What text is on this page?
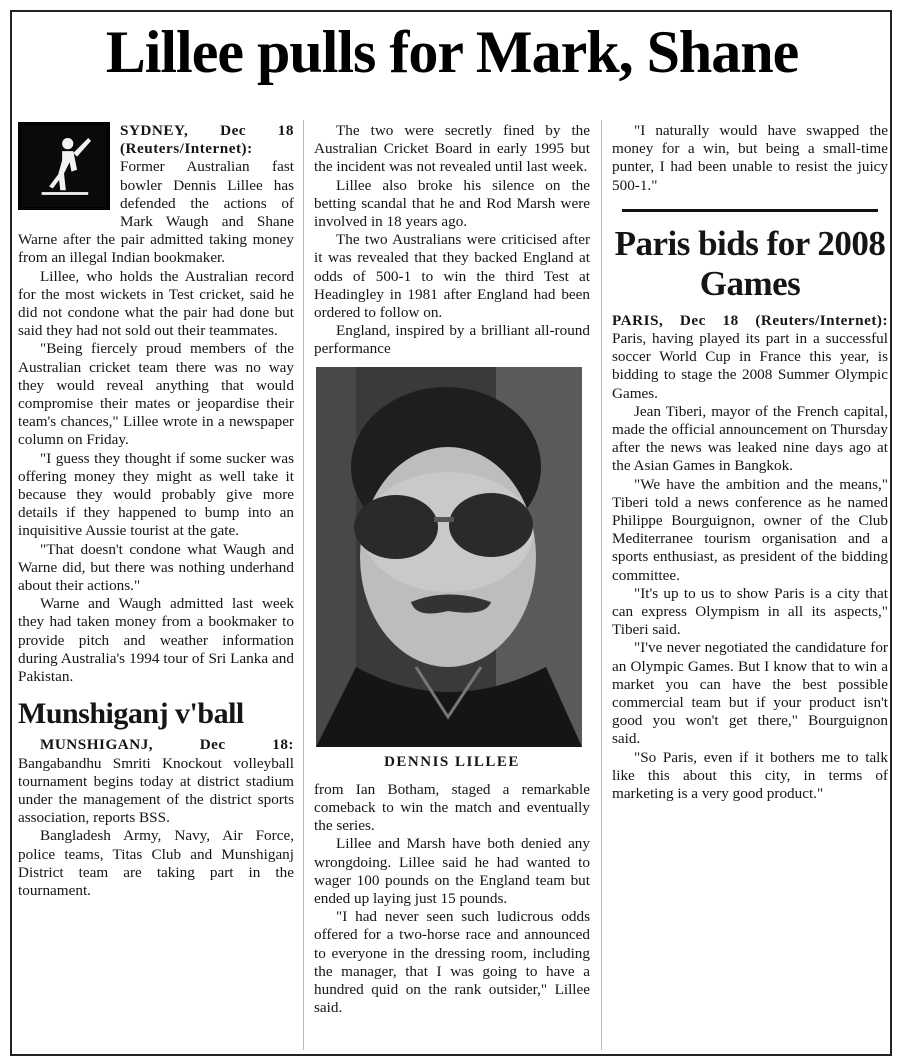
Lillee pulls for Mark, Shane

SYDNEY, Dec 18 (Reuters/Internet): Former Australian fast bowler Dennis Lillee has defended the actions of Mark Waugh and Shane Warne after the pair admitted taking money from an illegal Indian bookmaker.

Lillee, who holds the Australian record for the most wickets in Test cricket, said he did not condone what the pair had done but said they had not sold out their teammates.

"Being fiercely proud members of the Australian cricket team there was no way they would reveal anything that would compromise their mates or jeopardise their team's chances," Lillee wrote in a newspaper column on Friday.

"I guess they thought if some sucker was offering money they might as well take it because they would probably give more details if they happened to bump into an inquisitive Aussie tourist at the gate.

"That doesn't condone what Waugh and Warne did, but there was nothing underhand about their actions."

Warne and Waugh admitted last week they had taken money from a bookmaker to provide pitch and weather information during Australia's 1994 tour of Sri Lanka and Pakistan.

Munshiganj v'ball

MUNSHIGANJ, Dec 18: Bangabandhu Smriti Knockout volleyball tournament begins today at district stadium under the management of the district sports association, reports BSS.

Bangladesh Army, Navy, Air Force, police teams, Titas Club and Munshiganj District team are taking part in the tournament.

The two were secretly fined by the Australian Cricket Board in early 1995 but the incident was not revealed until last week.

Lillee also broke his silence on the betting scandal that he and Rod Marsh were involved in 18 years ago.

The two Australians were criticised after it was revealed that they backed England at odds of 500-1 to win the third Test at Headingley in 1981 after England had been ordered to follow on.

England, inspired by a brilliant all-round performance

DENNIS LILLEE

from Ian Botham, staged a remarkable comeback to win the match and eventually the series.

Lillee and Marsh have both denied any wrongdoing. Lillee said he had wanted to wager 100 pounds on the England team but ended up laying just 15 pounds.

"I had never seen such ludicrous odds offered for a two-horse race and announced to everyone in the dressing room, including the manager, that I was going to have a hundred quid on the rank outsider," Lillee said.

"I naturally would have swapped the money for a win, but being a small-time punter, I had been unable to resist the juicy 500-1."

Paris bids for 2008 Games

PARIS, Dec 18 (Reuters/Internet): Paris, having played its part in a successful soccer World Cup in France this year, is bidding to stage the 2008 Summer Olympic Games.

Jean Tiberi, mayor of the French capital, made the official announcement on Thursday after the news was leaked nine days ago at the Asian Games in Bangkok.

"We have the ambition and the means," Tiberi told a news conference as he named Philippe Bourguignon, owner of the Club Mediterranee tourism organisation and a sports enthusiast, as president of the bidding committee.

"It's up to us to show Paris is a city that can express Olympism in all its aspects," Tiberi said.

"I've never negotiated the candidature for an Olympic Games. But I know that to win a market you can have the best possible commercial team but if your product isn't good you won't get there," Bourguignon said.

"So Paris, even if it bothers me to talk like this about this city, in terms of marketing is a very good product."
